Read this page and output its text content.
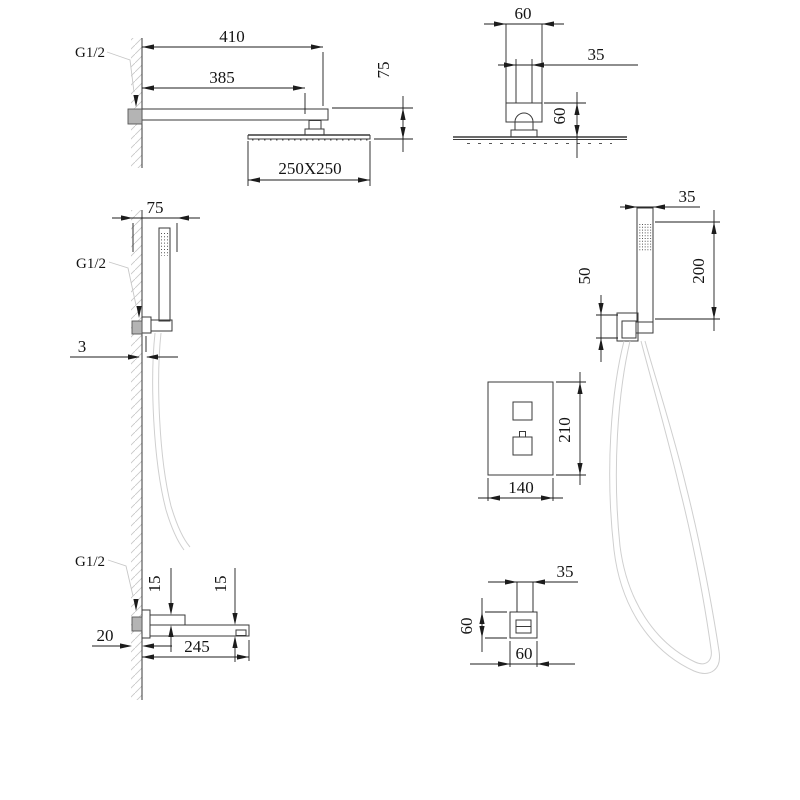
G1/2
410
385	75
250X250
60
35
60
G1/2
75
3
35
200
50
210
140
G1/2
15	15
20
245
35
60
60
